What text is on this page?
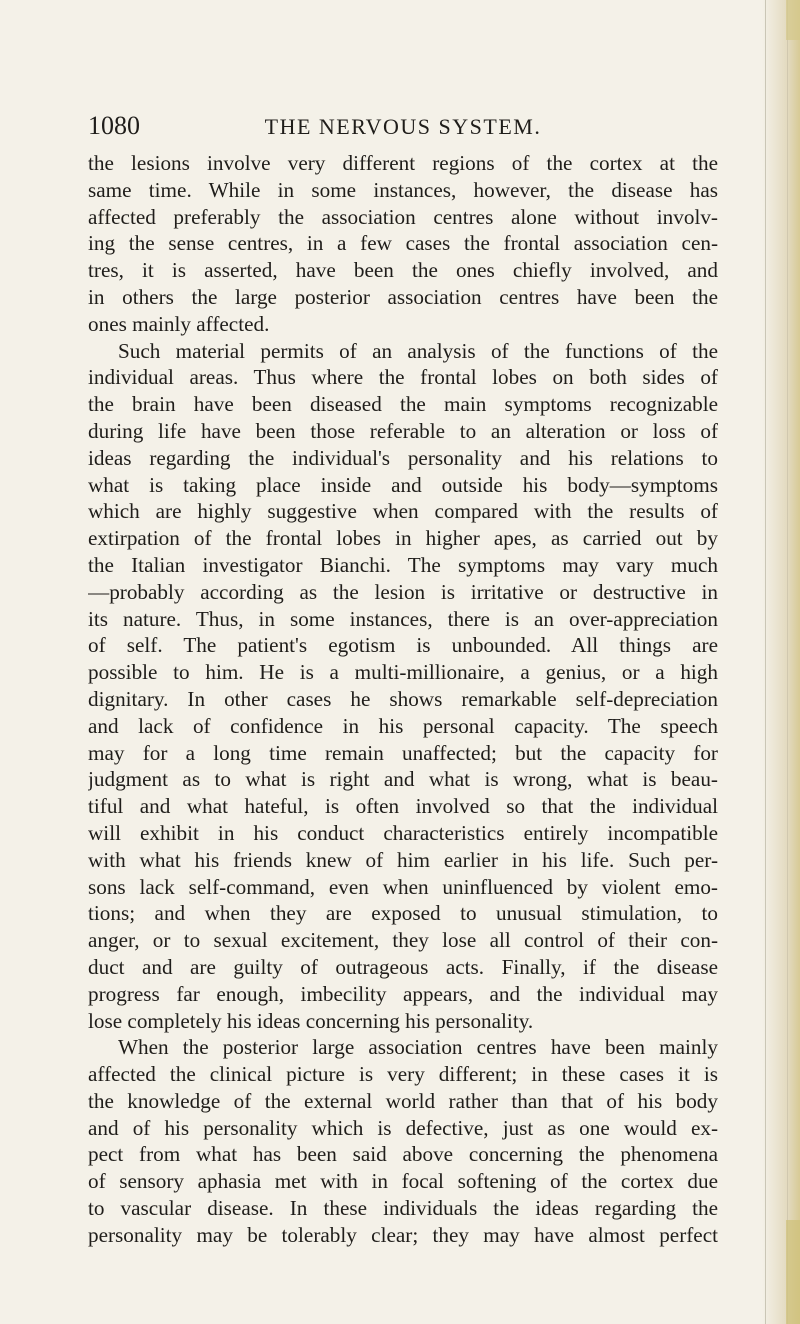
1080	THE NERVOUS SYSTEM.
the lesions involve very different regions of the cortex at the
same time. While in some instances, however, the disease has
affected preferably the association centres alone without involv-
ing the sense centres, in a few cases the frontal association cen-
tres, it is asserted, have been the ones chiefly involved, and
in others the large posterior association centres have been the
ones mainly affected.
Such material permits of an analysis of the functions of the
individual areas. Thus where the frontal lobes on both sides of
the brain have been diseased the main symptoms recognizable
during life have been those referable to an alteration or loss of
ideas regarding the individual's personality and his relations to
what is taking place inside and outside his body—symptoms
which are highly suggestive when compared with the results of
extirpation of the frontal lobes in higher apes, as carried out by
the Italian investigator Bianchi. The symptoms may vary much
—probably according as the lesion is irritative or destructive in
its nature. Thus, in some instances, there is an over-appreciation
of self. The patient's egotism is unbounded. All things are
possible to him. He is a multi-millionaire, a genius, or a high
dignitary. In other cases he shows remarkable self-depreciation
and lack of confidence in his personal capacity. The speech
may for a long time remain unaffected; but the capacity for
judgment as to what is right and what is wrong, what is beau-
tiful and what hateful, is often involved so that the individual
will exhibit in his conduct characteristics entirely incompatible
with what his friends knew of him earlier in his life. Such per-
sons lack self-command, even when uninfluenced by violent emo-
tions; and when they are exposed to unusual stimulation, to
anger, or to sexual excitement, they lose all control of their con-
duct and are guilty of outrageous acts. Finally, if the disease
progress far enough, imbecility appears, and the individual may
lose completely his ideas concerning his personality.
When the posterior large association centres have been mainly
affected the clinical picture is very different; in these cases it is
the knowledge of the external world rather than that of his body
and of his personality which is defective, just as one would ex-
pect from what has been said above concerning the phenomena
of sensory aphasia met with in focal softening of the cortex due
to vascular disease. In these individuals the ideas regarding the
personality may be tolerably clear; they may have almost perfect
